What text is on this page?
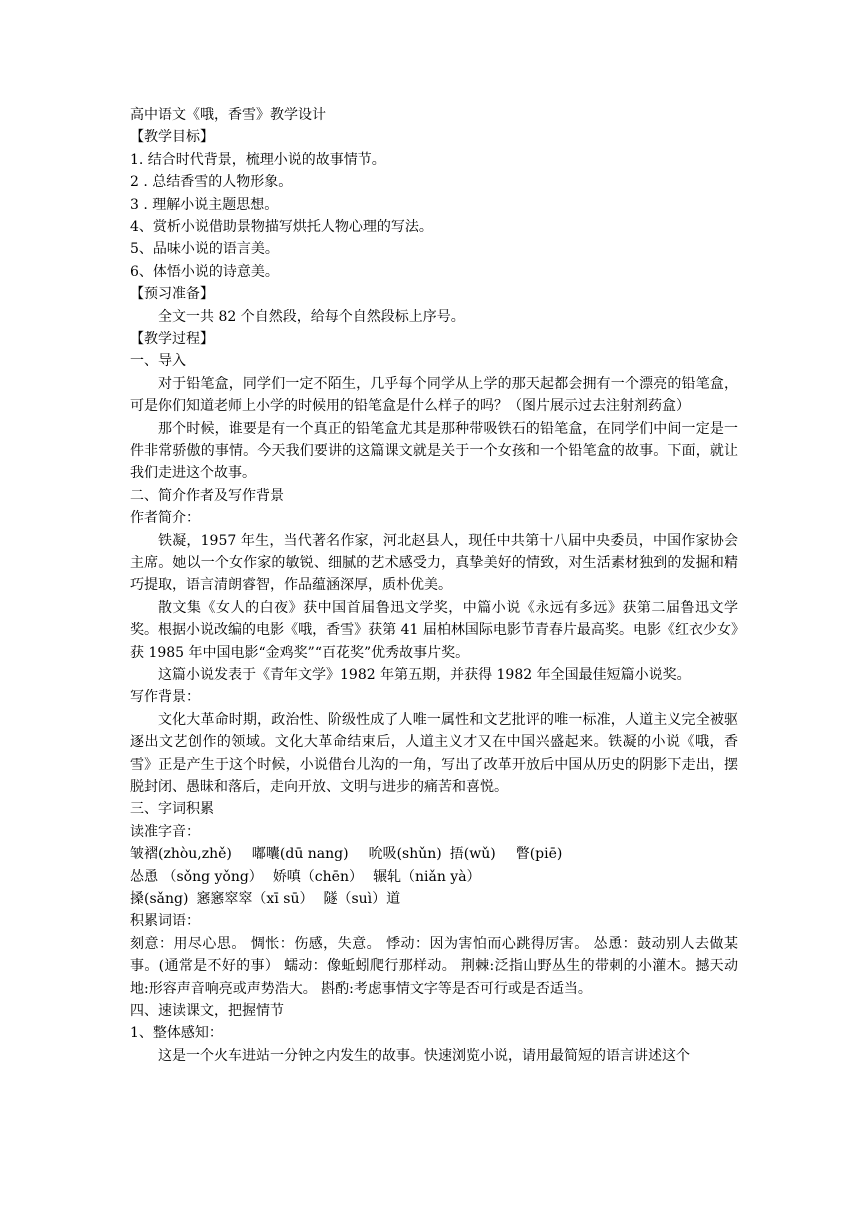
高中语文《哦，香雪》教学设计
【教学目标】
1. 结合时代背景，梳理小说的故事情节。
2 . 总结香雪的人物形象。
3 . 理解小说主题思想。
4、赏析小说借助景物描写烘托人物心理的写法。
5、品味小说的语言美。
6、体悟小说的诗意美。
【预习准备】
全文一共 82 个自然段，给每个自然段标上序号。
【教学过程】
一、导入
对于铅笔盒，同学们一定不陌生，几乎每个同学从上学的那天起都会拥有一个漂亮的铅笔盒，可是你们知道老师上小学的时候用的铅笔盒是什么样子的吗？（图片展示过去注射剂药盒）
那个时候，谁要是有一个真正的铅笔盒尤其是那种带吸铁石的铅笔盒，在同学们中间一定是一件非常骄傲的事情。今天我们要讲的这篇课文就是关于一个女孩和一个铅笔盒的故事。下面，就让我们走进这个故事。
二、简介作者及写作背景
作者简介：
铁凝，1957 年生，当代著名作家，河北赵县人，现任中共第十八届中央委员，中国作家协会主席。她以一个女作家的敏锐、细腻的艺术感受力，真挚美好的情致，对生活素材独到的发掘和精巧提取，语言清朗睿智，作品蕴涵深厚，质朴优美。
散文集《女人的白夜》获中国首届鲁迅文学奖，中篇小说《永远有多远》获第二届鲁迅文学奖。根据小说改编的电影《哦，香雪》获第 41 届柏林国际电影节青春片最高奖。电影《红衣少女》获 1985 年中国电影“金鸡奖”“百花奖”优秀故事片奖。
这篇小说发表于《青年文学》1982 年第五期，并获得 1982 年全国最佳短篇小说奖。
写作背景：
文化大革命时期，政治性、阶级性成了人唯一属性和文艺批评的唯一标准，人道主义完全被驱逐出文艺创作的领域。文化大革命结束后，人道主义才又在中国兴盛起来。铁凝的小说《哦，香雪》正是产生于这个时候，小说借台儿沟的一角，写出了改革开放后中国从历史的阴影下走出，摆脱封闭、愚昧和落后，走向开放、文明与进步的痛苦和喜悦。
三、字词积累
读准字音：
皱褶(zhòu,zhě) 嘟囔(dū nang) 吮吸(shǔn) 捂(wǔ) 瞥(piē)
怂恿 （sǒng yǒng） 娇嗔（chēn） 辗轧（niǎn yà）
搡(sǎng) 窸窸窣窣（xī sū） 隧（suì）道
积累词语：
刻意：用尽心思。 惆怅：伤感，失意。 悸动：因为害怕而心跳得厉害。 怂恿：鼓动别人去做某事。(通常是不好的事） 蠕动：像蚯蚓爬行那样动。 荆棘:泛指山野丛生的带刺的小灌木。撼天动地:形容声音响亮或声势浩大。 斟酌:考虑事情文字等是否可行或是否适当。
四、速读课文，把握情节
1、整体感知：
这是一个火车进站一分钟之内发生的故事。快速浏览小说，请用最简短的语言讲述这个
